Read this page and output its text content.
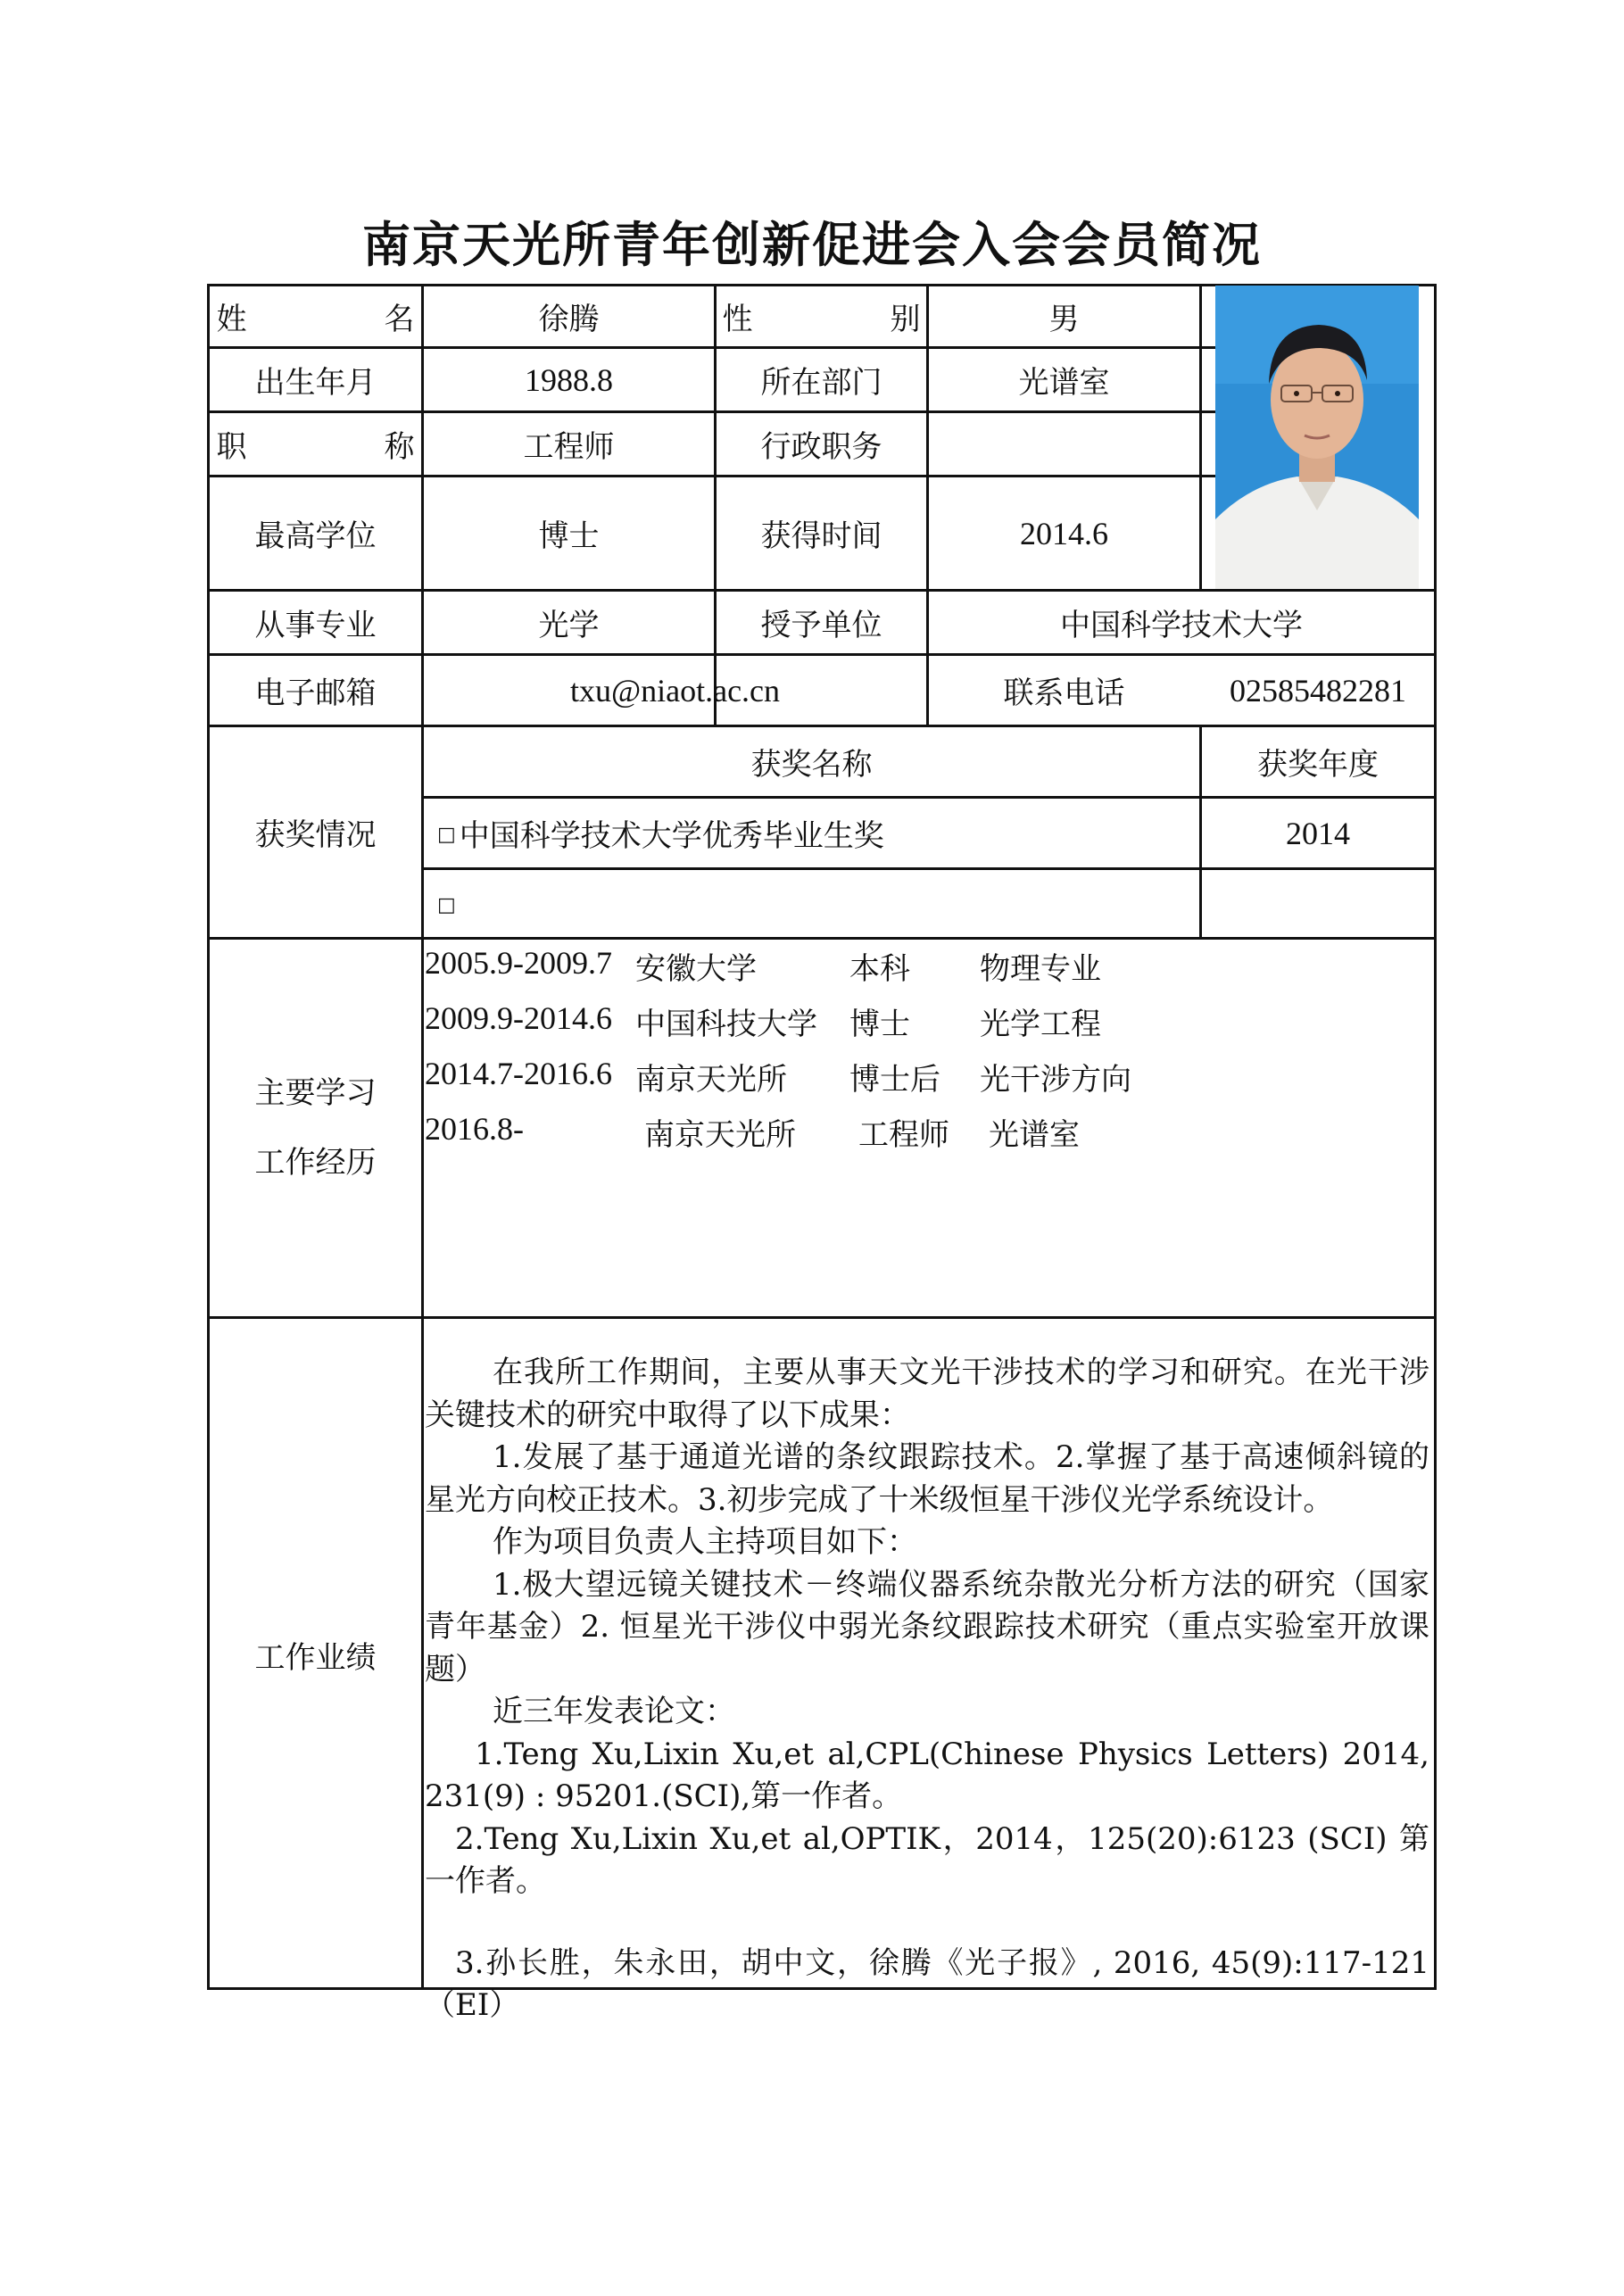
南京天光所青年创新促进会入会会员简况
姓　名	徐腾	性　别	男
出生年月	1988.8	所在部门	光谱室
职　称	工程师	行政职务
最高学位	博士	获得时间	2014.6
从事专业	光学	授予单位	中国科学技术大学
电子邮箱	txu@niaot.ac.cn	联系电话	02585482281
获奖情况
获奖名称	获奖年度
□ 中国科学技术大学优秀毕业生奖	2014
□
主要学习
工作经历
2005.9-2009.7 安徽大学	本科 物理专业
2009.9-2014.6 中国科技大学 博士 光学工程
2014.7-2016.6 南京天光所 博士后 光干涉方向
2016.8-	南京天光所 工程师 光谱室
工作业绩

在我所工作期间，主要从事天文光干涉技术的学习和研究。在光干涉关键技术的研究中取得了以下成果：

1.发展了基于通道光谱的条纹跟踪技术。2.掌握了基于高速倾斜镜的星光方向校正技术。3.初步完成了十米级恒星干涉仪光学系统设计。

作为项目负责人主持项目如下：

1.极大望远镜关键技术－终端仪器系统杂散光分析方法的研究（国家青年基金）2. 恒星光干涉仪中弱光条纹跟踪技术研究（重点实验室开放课题）

近三年发表论文：

1.Teng Xu,Lixin Xu,et al,CPL(Chinese Physics Letters) 2014, 231(9) : 95201.(SCI),第一作者。

2.Teng Xu,Lixin Xu,et al,OPTIK，2014，125(20):6123 (SCI) 第一作者。

3.孙长胜，朱永田，胡中文，徐腾《光子报》, 2016, 45(9):117-121（EI）
